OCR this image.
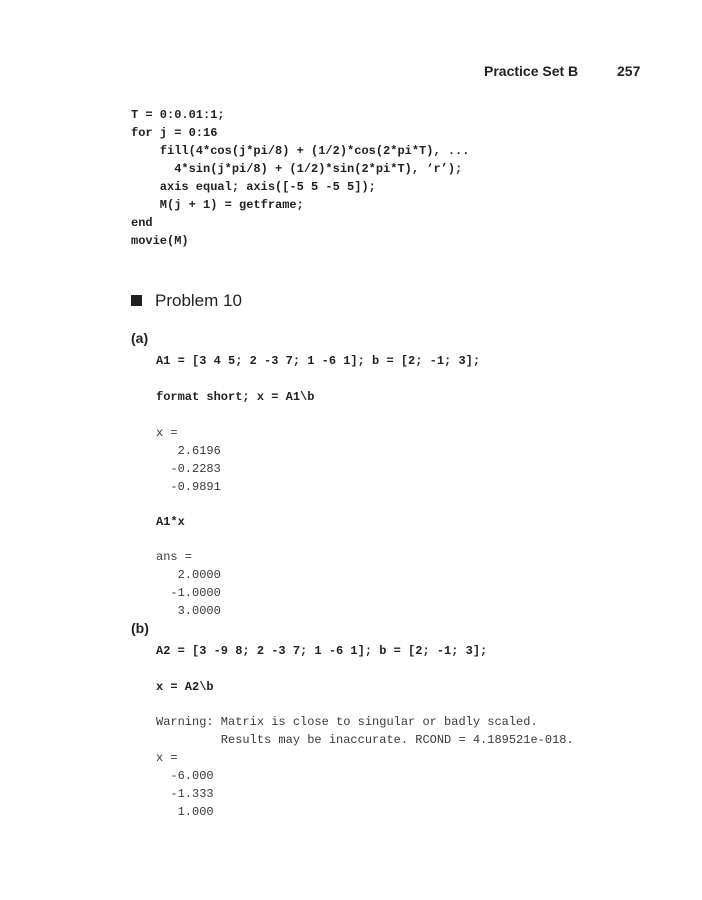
Practice Set B	257
T = 0:0.01:1;
for j = 0:16
fill(4*cos(j*pi/8) + (1/2)*cos(2*pi*T), ...
4*sin(j*pi/8) + (1/2)*sin(2*pi*T), ‘r’);
axis equal; axis([-5 5 -5 5]);
M(j + 1) = getframe;
end
movie(M)
Problem 10
(a)
A1 = [3 4 5; 2 -3 7; 1 -6 1]; b = [2; -1; 3];
format short; x = A1\b
x =
2.6196
-0.2283
-0.9891
A1*x
ans =
2.0000
-1.0000
3.0000
(b)
A2 = [3 -9 8; 2 -3 7; 1 -6 1]; b = [2; -1; 3];
x = A2\b
Warning: Matrix is close to singular or badly scaled.
Results may be inaccurate. RCOND = 4.189521e-018.
x =
-6.000
-1.333
1.000
